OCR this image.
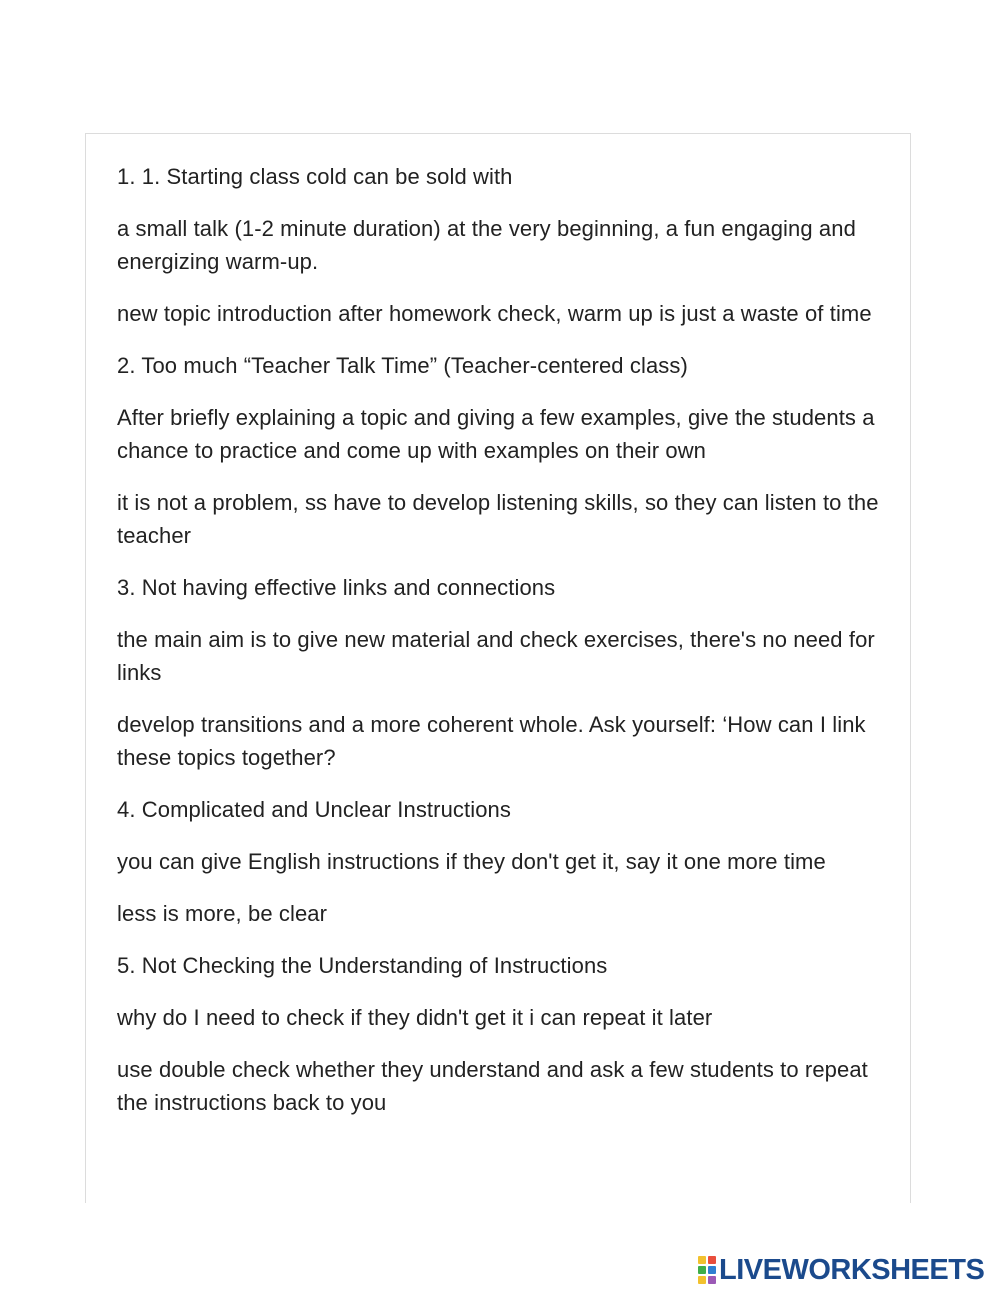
1. 1. Starting class cold can be sold with

a small talk (1-2 minute duration) at the very beginning, a fun engaging and energizing warm-up.

new topic introduction after homework check, warm up is just a waste of time

2. Too much “Teacher Talk Time” (Teacher-centered class)

After briefly explaining a topic and giving a few examples, give the students a chance to practice and come up with examples on their own

it is not a problem, ss have to develop listening skills, so they can listen to the teacher

3. Not having effective links and connections

the main aim is to give new material and check exercises, there's no need for links

develop transitions and a more coherent whole. Ask yourself: ‘How can I link these topics together?

4. Complicated and Unclear Instructions

you can give English instructions if they don't get it, say it one more time

less is more, be clear

5. Not Checking the Understanding of Instructions

why do I need to check if they didn't get it i can repeat it later

use double check whether they understand and ask a few students to repeat the instructions back to you

LIVEWORKSHEETS
